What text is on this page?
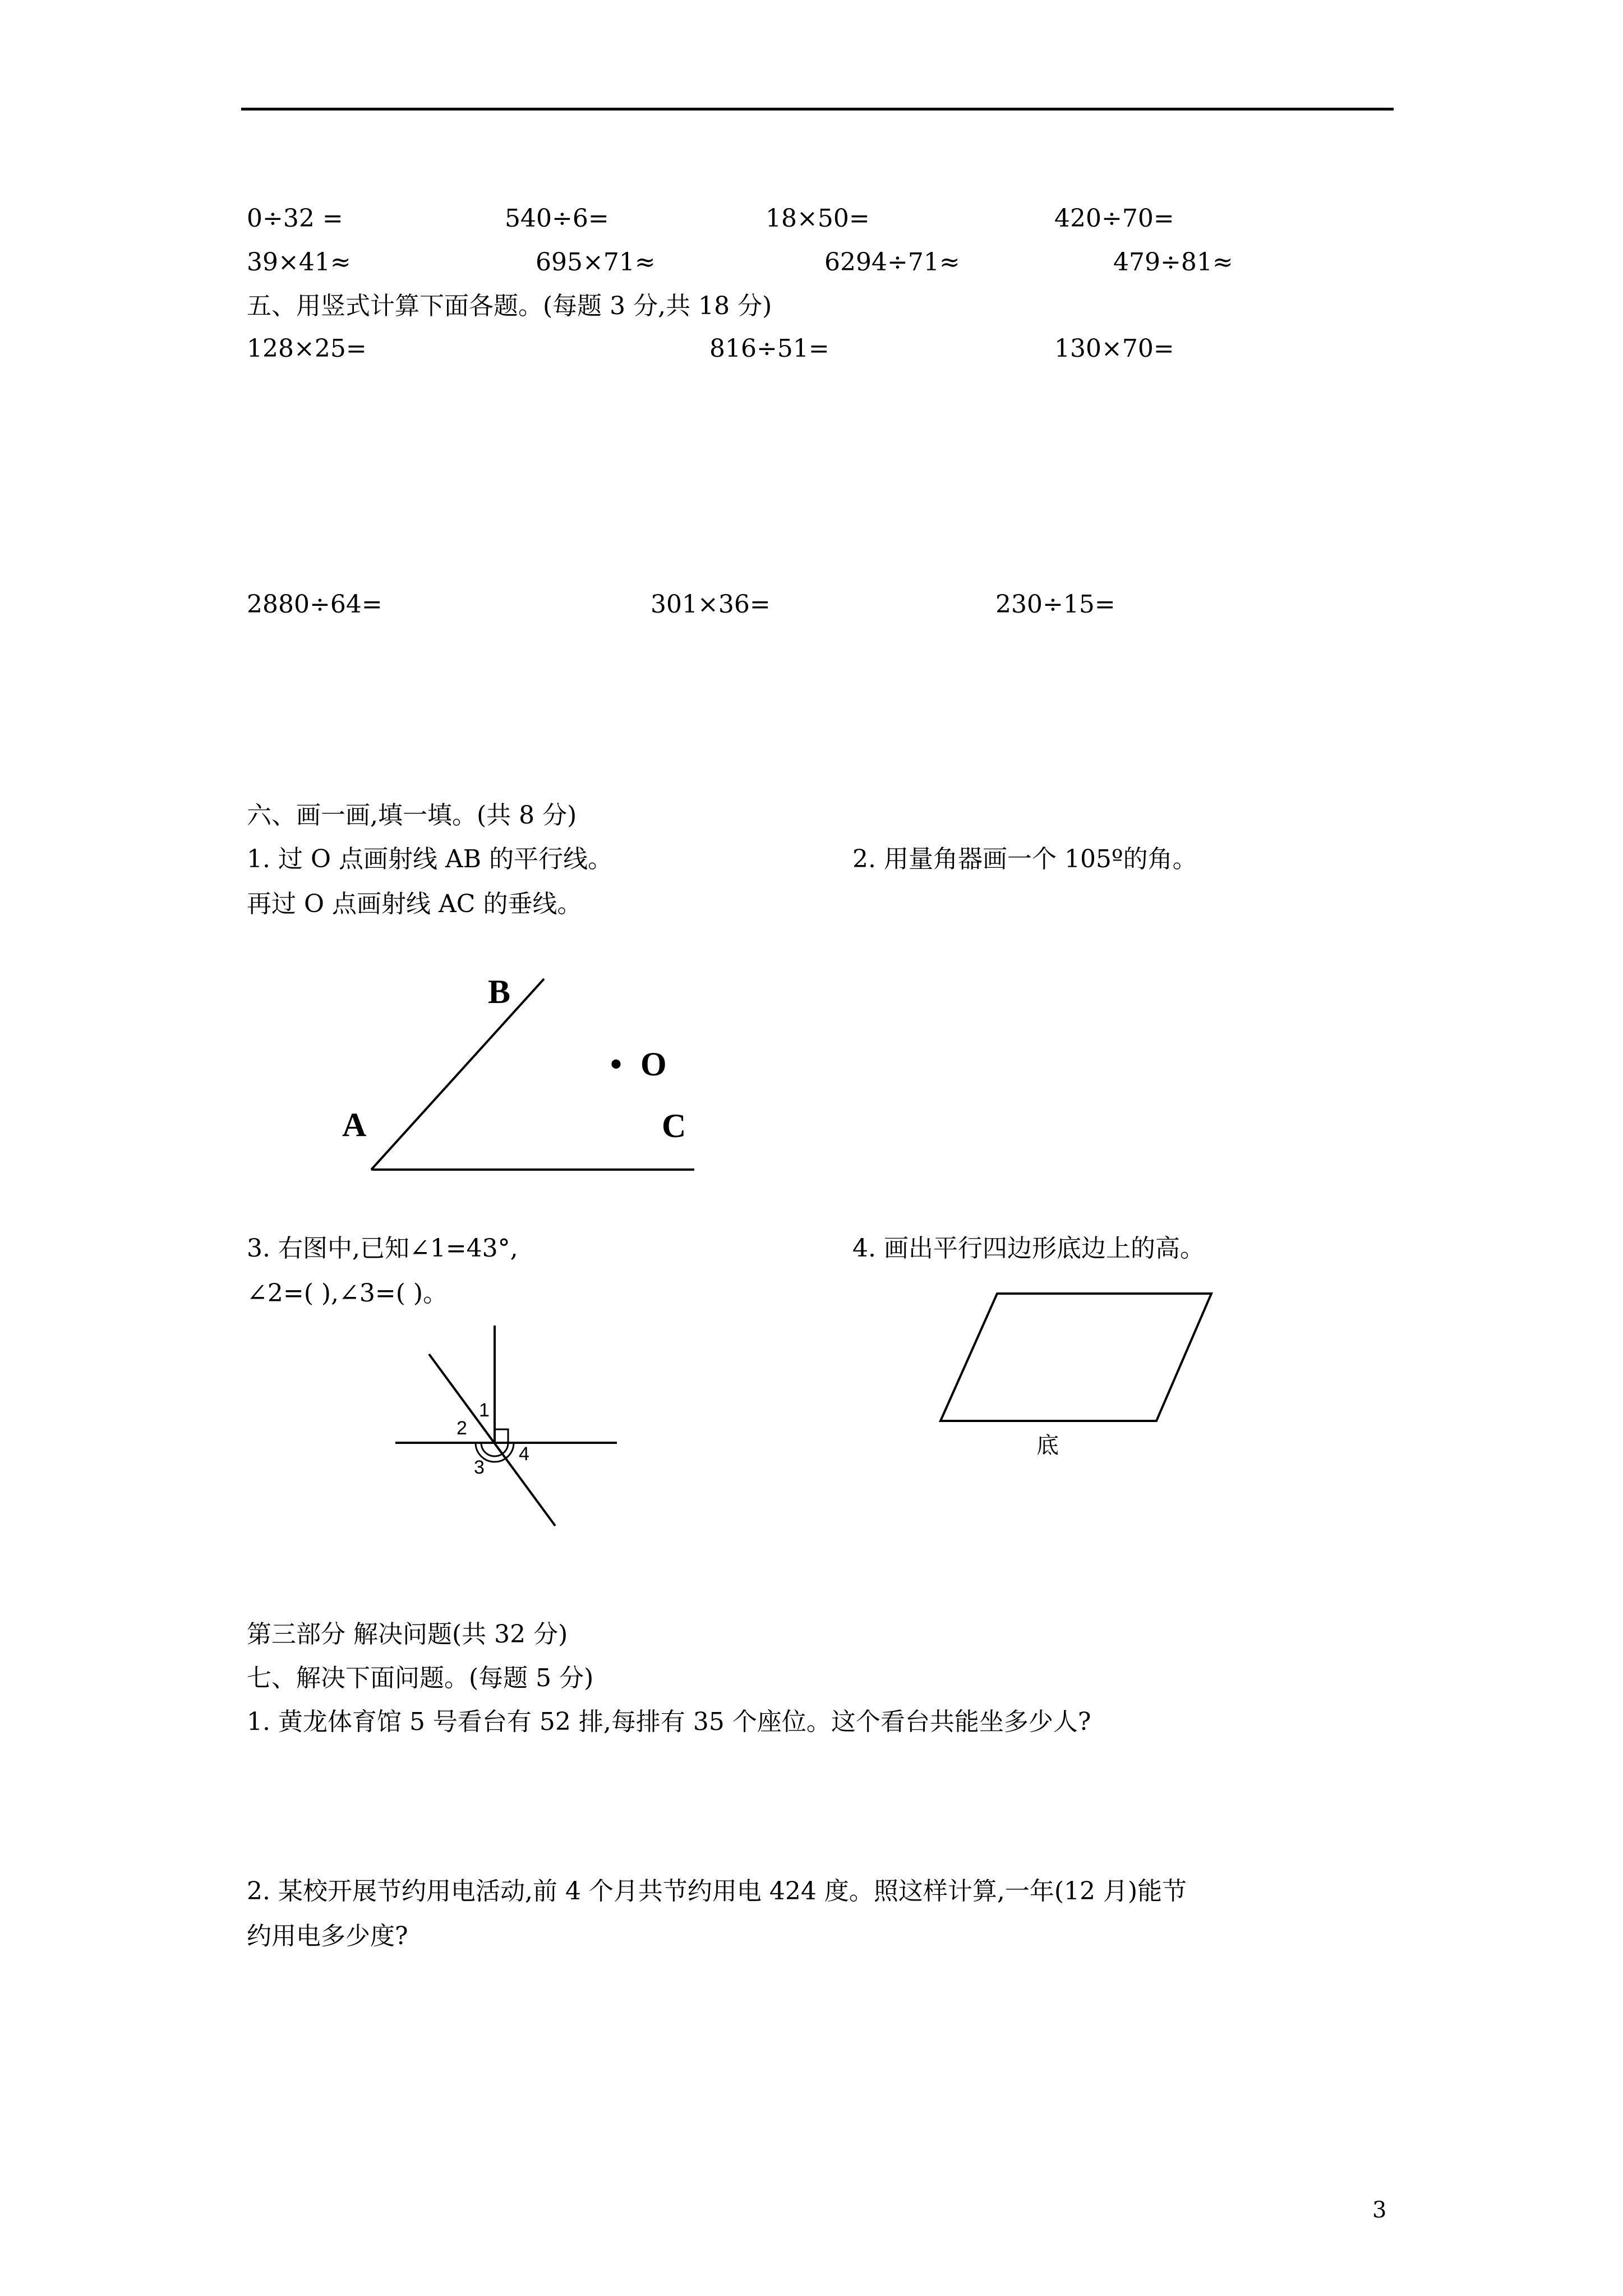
0÷32 =	540÷6=	18×50=	420÷70=
39×41≈	695×71≈	6294÷71≈	479÷81≈
五、用竖式计算下面各题。(每题 3 分,共 18 分)
128×25=	816÷51=	130×70=
2880÷64=	301×36=	230÷15=
六、画一画,填一填。(共 8 分)
1. 过 O 点画射线 AB 的平行线。	2. 用量角器画一个 105º的角。
再过 O 点画射线 AC 的垂线。
B
• O
A	C
1
2
3
4	底
3. 右图中,已知∠1=43°,	4. 画出平行四边形底边上的高。
∠2=( ),∠3=( )。
第三部分 解决问题(共 32 分)
七、解决下面问题。(每题 5 分)
1. 黄龙体育馆 5 号看台有 52 排,每排有 35 个座位。这个看台共能坐多少人?
2. 某校开展节约用电活动,前 4 个月共节约用电 424 度。照这样计算,一年(12 月)能节
约用电多少度?
3
